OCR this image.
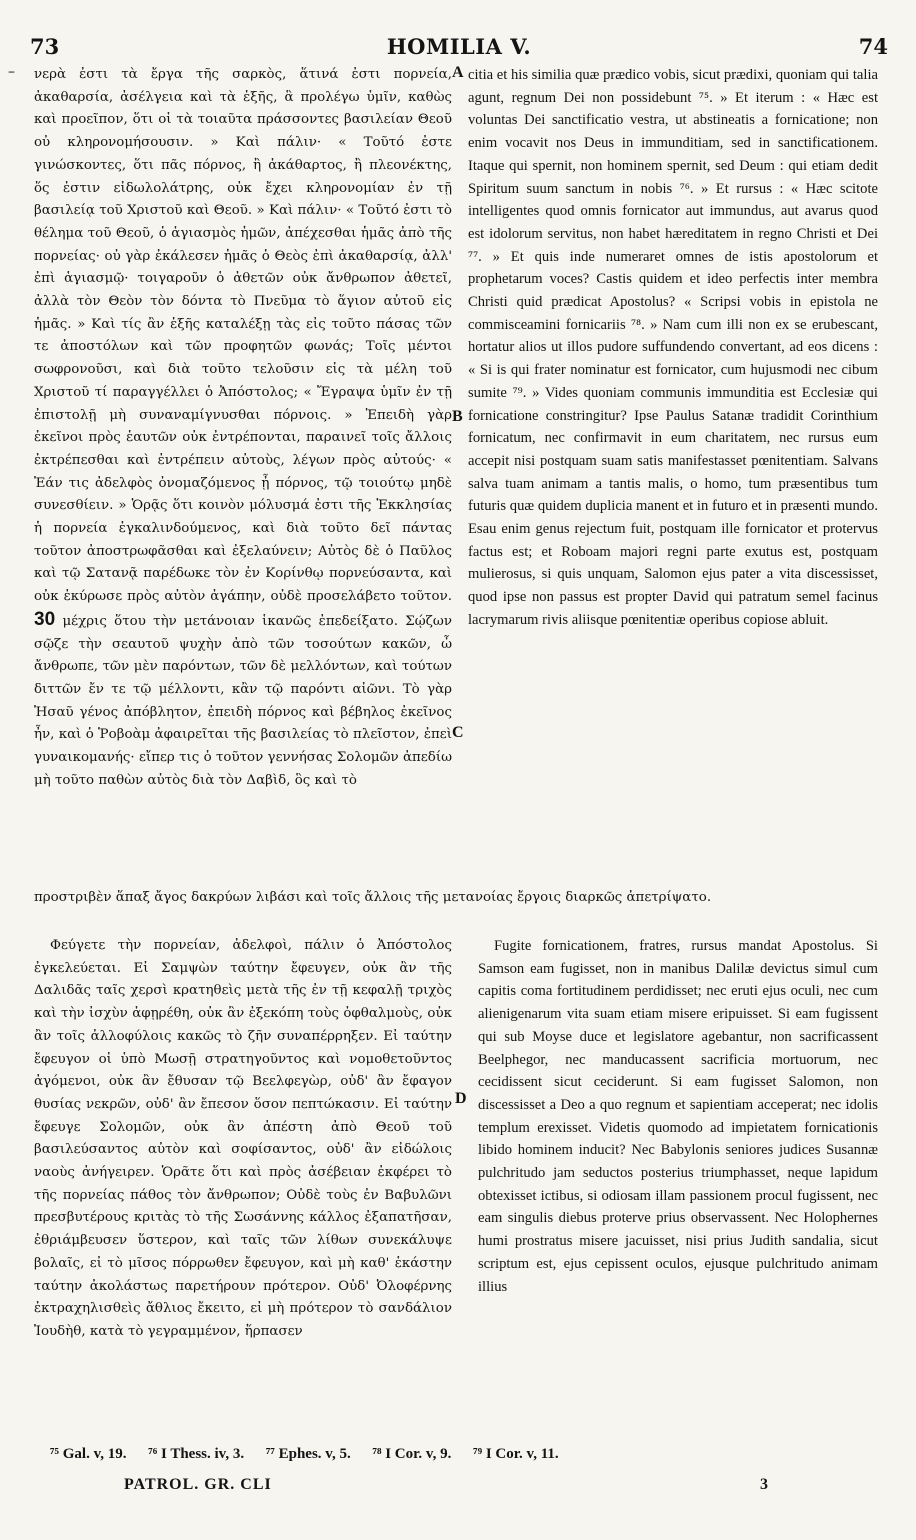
73	HOMILIA V.	74
– νερὰ ἐστι τὰ ἔργα τῆς σαρκὸς, ἅτινά ἐστι πορνεία, ἀκαθαρσία, ἀσέλγεια καὶ τὰ ἑξῆς, ἃ προλέγω ὑμῖν, καθὼς καὶ προεῖπον, ὅτι οἱ τὰ τοιαῦτα πράσσοντες βασιλείαν Θεοῦ οὐ κληρονομήσουσιν. » Καὶ πάλιν· « Τοῦτό ἐστε γινώσκοντες, ὅτι πᾶς πόρνος, ἢ ἀκάθαρτος, ἢ πλεονέκτης, ὅς ἐστιν εἰδωλολάτρης, οὐκ ἔχει κληρονομίαν ἐν τῇ βασιλείᾳ τοῦ Χριστοῦ καὶ Θεοῦ. » Καὶ πάλιν· « Τοῦτό ἐστι τὸ θέλημα τοῦ Θεοῦ, ὁ ἁγιασμὸς ἡμῶν, ἀπέχεσθαι ἡμᾶς ἀπὸ τῆς πορνείας· οὐ γὰρ ἐκάλεσεν ἡμᾶς ὁ Θεὸς ἐπὶ ἀκαθαρσίᾳ, ἀλλ' ἐπὶ ἁγιασμῷ· τοιγαροῦν ὁ ἀθετῶν οὐκ ἄνθρωπον ἀθετεῖ, ἀλλὰ τὸν Θεὸν τὸν δόντα τὸ Πνεῦμα τὸ ἅγιον αὐτοῦ εἰς ἡμᾶς. » Καὶ τίς ἂν ἑξῆς καταλέξῃ τὰς εἰς τοῦτο πάσας τῶν τε ἀποστόλων καὶ τῶν προφητῶν φωνάς; Τοῖς μέντοι σωφρονοῦσι, καὶ διὰ τοῦτο τελοῦσιν εἰς τὰ μέλη τοῦ Χριστοῦ τί παραγγέλλει ὁ Ἀπόστολος; « Ἔγραψα ὑμῖν ἐν τῇ ἐπιστολῇ μὴ συναναμίγνυσθαι πόρνοις. » Ἐπειδὴ γὰρ ἐκεῖνοι πρὸς ἑαυτῶν οὐκ ἐντρέπονται, παραινεῖ τοῖς ἄλλοις ἐκτρέπεσθαι καὶ ἐντρέπειν αὐτοὺς, λέγων πρὸς αὐτούς· « Ἐάν τις ἀδελφὸς ὀνομαζόμενος ᾖ πόρνος, τῷ τοιούτῳ μηδὲ συνεσθίειν. » Ὁρᾷς ὅτι κοινὸν μόλυσμά ἐστι τῆς Ἐκκλησίας ἡ πορνεία ἐγκαλινδούμενος, καὶ διὰ τοῦτο δεῖ πάντας τοῦτον ἀποστρωφᾶσθαι καὶ ἐξελαύνειν; Αὐτὸς δὲ ὁ Παῦλος καὶ τῷ Σατανᾷ παρέδωκε τὸν ἐν Κορίνθῳ πορνεύσαντα, καὶ οὐκ ἐκύρωσε πρὸς αὐτὸν ἀγάπην, οὐδὲ προσελάβετο τοῦτον. 30 μέχρις ὅτου τὴν μετάνοιαν ἱκανῶς ἐπεδείξατο. Σῴζων σῷζε τὴν σεαυτοῦ ψυχὴν ἀπὸ τῶν τοσούτων κακῶν, ὦ ἄνθρωπε, τῶν μὲν παρόντων, τῶν δὲ μελλόντων, καὶ τούτων διττῶν ἔν τε τῷ μέλλοντι, κἂν τῷ παρόντι αἰῶνι. Τὸ γὰρ Ἠσαῦ γένος ἀπόβλητον, ἐπειδὴ πόρνος καὶ βέβηλος ἐκεῖνος ἦν, καὶ ὁ Ῥοβοὰμ ἀφαιρεῖται τῆς βασιλείας τὸ πλεῖστον, ἐπεὶ γυναικομανής· εἴπερ τις ὁ τοῦτον γεννήσας Σολομῶν ἀπεδίω μὴ τοῦτο παθὼν αὐτὸς διὰ τὸν Δαβὶδ, ὃς καὶ τὸ

A
B
C
D

citia et his similia quæ prædico vobis, sicut prædixi, quoniam qui talia agunt, regnum Dei non possidebunt ⁷⁵. » Et iterum : « Hæc est voluntas Dei sanctificatio vestra, ut abstineatis a fornicatione; non enim vocavit nos Deus in immunditiam, sed in sanctificationem. Itaque qui spernit, non hominem spernit, sed Deum : qui etiam dedit Spiritum suum sanctum in nobis ⁷⁶. » Et rursus : « Hæc scitote intelligentes quod omnis fornicator aut immundus, aut avarus quod est idolorum servitus, non habet hæreditatem in regno Christi et Dei ⁷⁷. » Et quis inde numeraret omnes de istis apostolorum et prophetarum voces? Castis quidem et ideo perfectis inter membra Christi quid prædicat Apostolus? « Scripsi vobis in epistola ne commisceamini fornicariis ⁷⁸. » Nam cum illi non ex se erubescant, hortatur alios ut illos pudore suffundendo convertant, ad eos dicens : « Si is qui frater nominatur est fornicator, cum hujusmodi nec cibum sumite ⁷⁹. » Vides quoniam communis immunditia est Ecclesiæ qui fornicatione constringitur? Ipse Paulus Satanæ tradidit Corinthium fornicatum, nec confirmavit in eum charitatem, nec rursus eum accepit nisi postquam suam satis manifestasset pœnitentiam. Salvans salva tuam animam a tantis malis, o homo, tum præsentibus tum futuris quæ quidem duplicia manent et in futuro et in præsenti mundo. Esau enim genus rejectum fuit, postquam ille fornicator et protervus factus est; et Roboam majori regni parte exutus est, postquam mulierosus, si quis unquam, Salomon ejus pater a vita discessisset, quod ipse non passus est propter David qui patratum semel facinus lacrymarum rivis aliisque pœnitentiæ operibus copiose abluit.

προστριβὲν ἅπαξ ἄγος δακρύων λιβάσι καὶ τοῖς ἄλλοις τῆς μετανοίας ἔργοις διαρκῶς ἀπετρίψατο.

Φεύγετε τὴν πορνείαν, ἀδελφοὶ, πάλιν ὁ Ἀπόστολος ἐγκελεύεται. Εἰ Σαμψὼν ταύτην ἔφευγεν, οὐκ ἂν τῆς Δαλιδᾶς ταῖς χερσὶ κρατηθεὶς μετὰ τῆς ἐν τῇ κεφαλῇ τριχὸς καὶ τὴν ἰσχὺν ἀφῃρέθη, οὐκ ἂν ἐξεκόπη τοὺς ὀφθαλμοὺς, οὐκ ἂν τοῖς ἀλλοφύλοις κακῶς τὸ ζῆν συναπέρρηξεν. Εἰ ταύτην ἔφευγον οἱ ὑπὸ Μωσῇ στρατηγοῦντος καὶ νομοθετοῦντος ἀγόμενοι, οὐκ ἂν ἔθυσαν τῷ Βεελφεγὼρ, οὐδ' ἂν ἔφαγον θυσίας νεκρῶν, οὐδ' ἂν ἔπεσον ὅσον πεπτώκασιν. Εἰ ταύτην ἔφευγε Σολομῶν, οὐκ ἂν ἀπέστη ἀπὸ Θεοῦ τοῦ βασιλεύσαντος αὐτὸν καὶ σοφίσαντος, οὐδ' ἂν εἰδώλοις ναοὺς ἀνήγειρεν. Ὁρᾶτε ὅτι καὶ πρὸς ἀσέβειαν ἐκφέρει τὸ τῆς πορνείας πάθος τὸν ἄνθρωπον; Οὐδὲ τοὺς ἐν Βαβυλῶνι πρεσβυτέρους κριτὰς τὸ τῆς Σωσάννης κάλλος ἐξαπατῆσαν, ἐθριάμβευσεν ὕστερον, καὶ ταῖς τῶν λίθων συνεκάλυψε βολαῖς, εἰ τὸ μῖσος πόρρωθεν ἔφευγον, καὶ μὴ καθ' ἑκάστην ταύτην ἀκολάστως παρετήρουν πρότερον. Οὐδ' Ὀλοφέρνης ἐκτραχηλισθεὶς ἄθλιος ἔκειτο, εἰ μὴ πρότερον τὸ σανδάλιον Ἰουδὴθ, κατὰ τὸ γεγραμμένον, ἥρπασεν

Fugite fornicationem, fratres, rursus mandat Apostolus. Si Samson eam fugisset, non in manibus Dalilæ devictus simul cum capitis coma fortitudinem perdidisset; nec eruti ejus oculi, nec cum alienigenarum vita suam etiam misere eripuisset. Si eam fugissent qui sub Moyse duce et legislatore agebantur, non sacrificassent Beelphegor, nec manducassent sacrificia mortuorum, nec cecidissent sicut ceciderunt. Si eam fugisset Salomon, non discessisset a Deo a quo regnum et sapientiam acceperat; nec idolis templum erexisset. Videtis quomodo ad impietatem fornicationis libido hominem inducit? Nec Babylonis seniores judices Susannæ pulchritudo jam seductos posterius triumphasset, neque lapidum obtexisset ictibus, si odiosam illam passionem procul fugissent, nec eam singulis diebus proterve prius observassent. Nec Holophernes humi prostratus misere jacuisset, nisi prius Judith sandalia, sicut scriptum est, ejus cepissent oculos, ejusque pulchritudo animam illius

⁷⁵ Gal. v, 19. ⁷⁶ I Thess. iv, 3. ⁷⁷ Ephes. v, 5. ⁷⁸ I Cor. v, 9. ⁷⁹ I Cor. v, 11.
PATROL. GR. CLI	3
